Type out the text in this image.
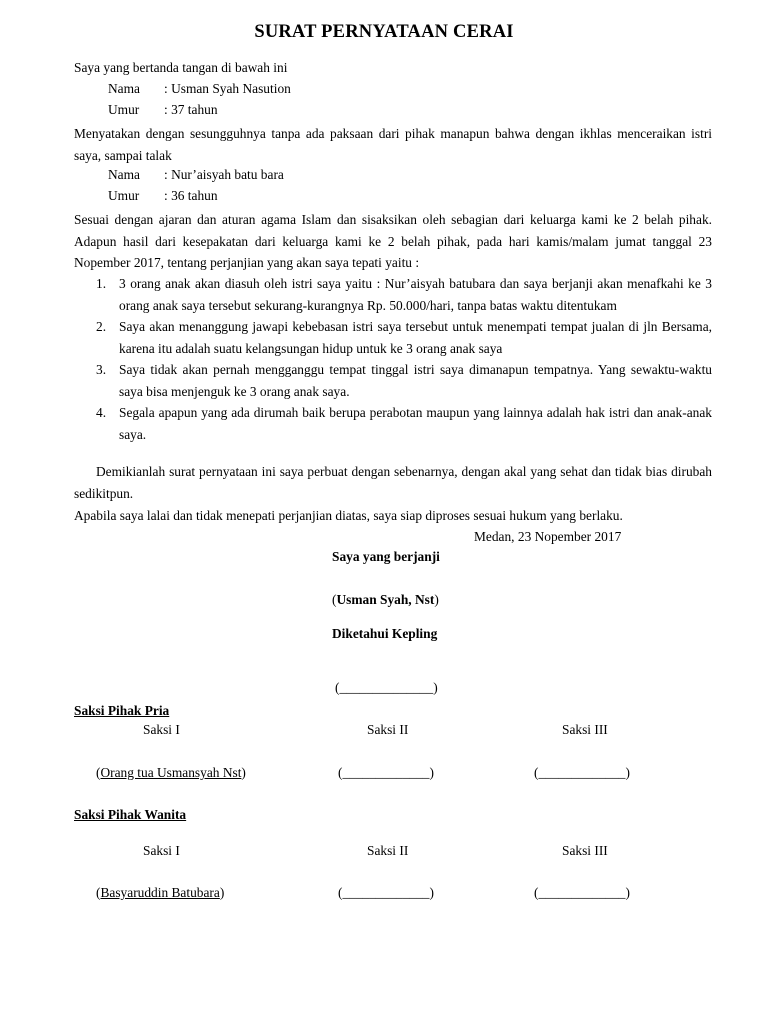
SURAT PERNYATAAN CERAI
Saya yang bertanda tangan di bawah ini
Nama : Usman Syah Nasution
Umur : 37 tahun
Menyatakan dengan sesungguhnya tanpa ada paksaan dari pihak manapun bahwa dengan ikhlas menceraikan istri saya, sampai talak
Nama : Nur’aisyah batu bara
Umur : 36 tahun
Sesuai dengan ajaran dan aturan agama Islam dan sisaksikan oleh sebagian dari keluarga kami ke 2 belah pihak. Adapun hasil dari kesepakatan dari keluarga kami ke 2 belah pihak, pada hari kamis/malam jumat tanggal 23 Nopember 2017, tentang perjanjian yang akan saya tepati yaitu :
1. 3 orang anak akan diasuh oleh istri saya yaitu : Nur’aisyah batubara dan saya berjanji akan menafkahi ke 3 orang anak saya tersebut sekurang-kurangnya Rp. 50.000/hari, tanpa batas waktu ditentukam
2. Saya akan menanggung jawapi kebebasan istri saya tersebut untuk menempati tempat jualan di jln Bersama, karena itu adalah suatu kelangsungan hidup untuk ke 3 orang anak saya
3. Saya tidak akan pernah mengganggu tempat tinggal istri saya dimanapun tempatnya. Yang sewaktu-waktu saya bisa menjenguk ke 3 orang anak saya.
4. Segala apapun yang ada dirumah baik berupa perabotan maupun yang lainnya adalah hak istri dan anak-anak saya.
Demikianlah surat pernyataan ini saya perbuat dengan sebenarnya, dengan akal yang sehat dan tidak bias dirubah sedikitpun.
Apabila saya lalai dan tidak menepati perjanjian diatas, saya siap diproses sesuai hukum yang berlaku.
Medan, 23 Nopember 2017
Saya yang berjanji
(Usman Syah, Nst)
Diketahui Kepling
(______________)
Saksi Pihak Pria
Saksi I	Saksi II	Saksi III
(Orang tua Usmansyah Nst)	(_____________)	(_____________)
Saksi Pihak Wanita
Saksi I	Saksi II	Saksi III
(Basyaruddin Batubara)	(_____________)	(_____________)
